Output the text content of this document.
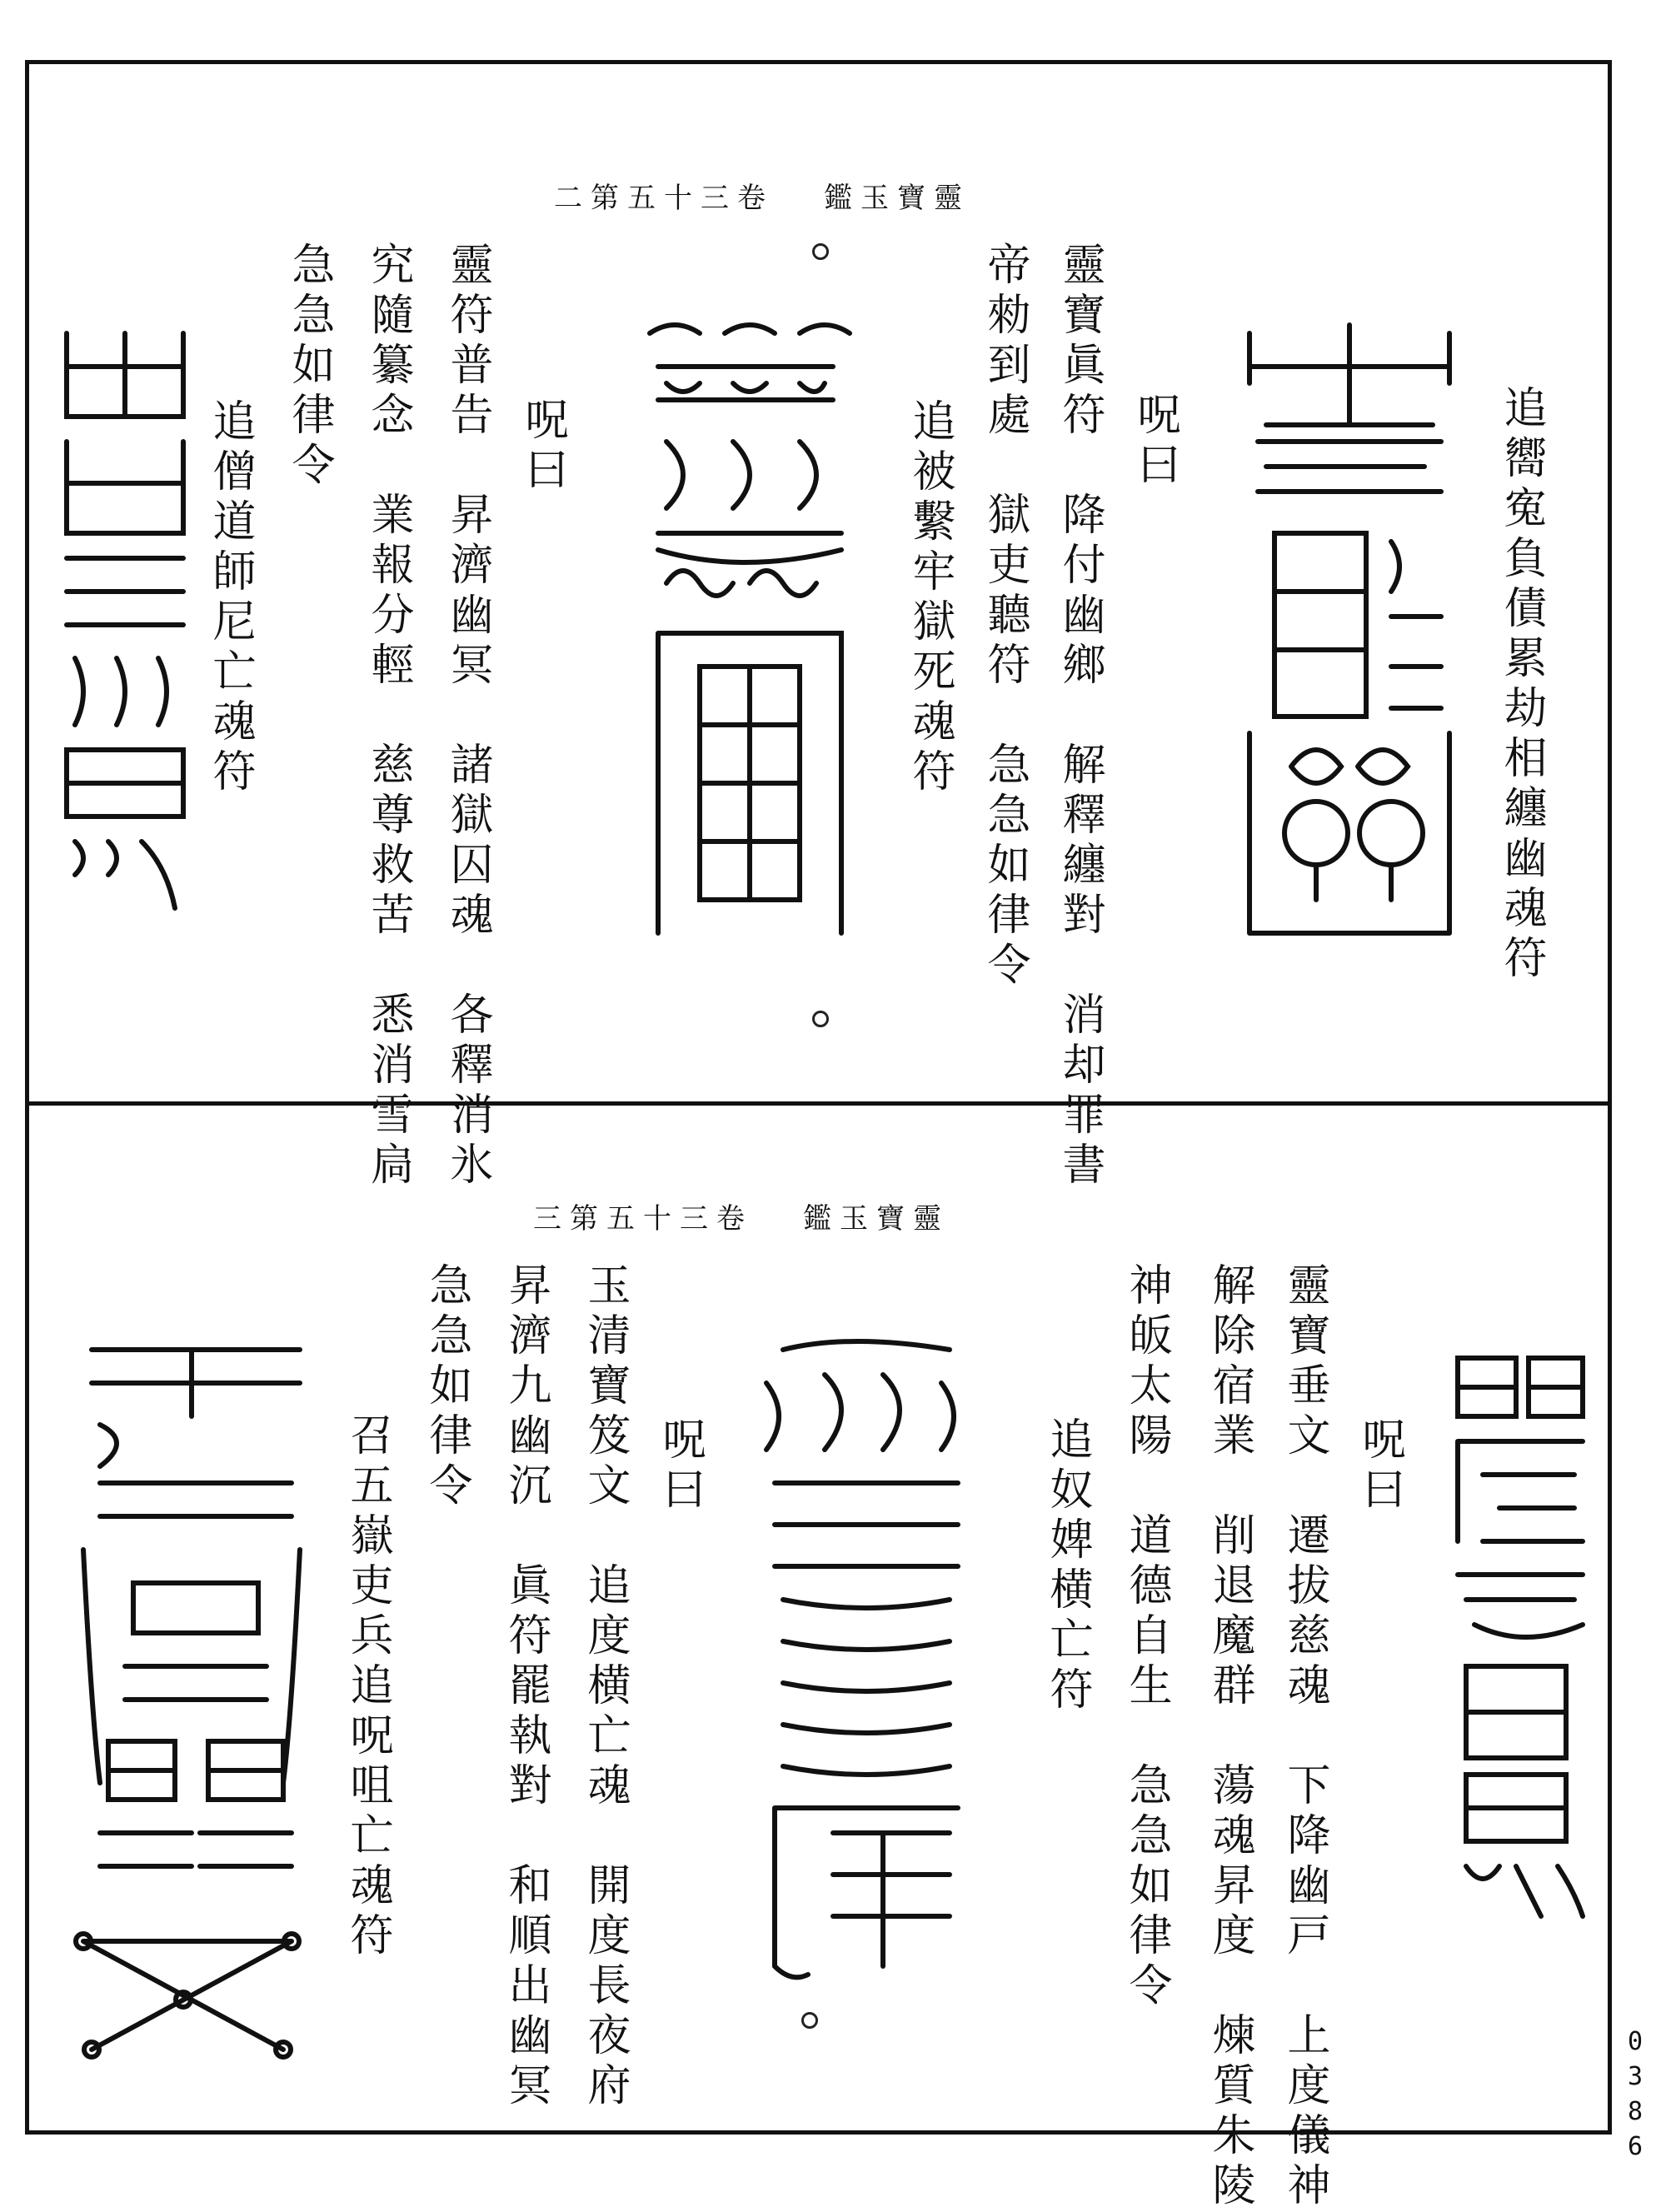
二第五十三卷 鑑玉寶靈
追嚮寃負債累劫相纏幽魂符
呪曰
靈寶眞符　降付幽鄉　解釋纏對　消却罪書
帝勑到處　獄吏聽符　急急如律令
追被繫牢獄死魂符
呪曰
靈符普告　昇濟幽冥　諸獄囚魂　各釋消氷
究隨纂念　業報分輕　慈尊救苦　悉消雪扃
急急如律令
追僧道師尼亡魂符
三第五十三卷 鑑玉寶靈
呪曰
靈寶垂文　遷拔慈魂　下降幽戸　上度儀神
解除宿業　削退魔群　蕩魂昇度　煉質朱陵
神皈太陽　道德自生　急急如律令
追奴婢横亡符
呪曰
玉清寶笈文　追度横亡魂　開度長夜府
昇濟九幽沉　眞符罷執對　和順出幽冥
急急如律令
召五嶽吏兵追呪咀亡魂符
0
3
8
6
